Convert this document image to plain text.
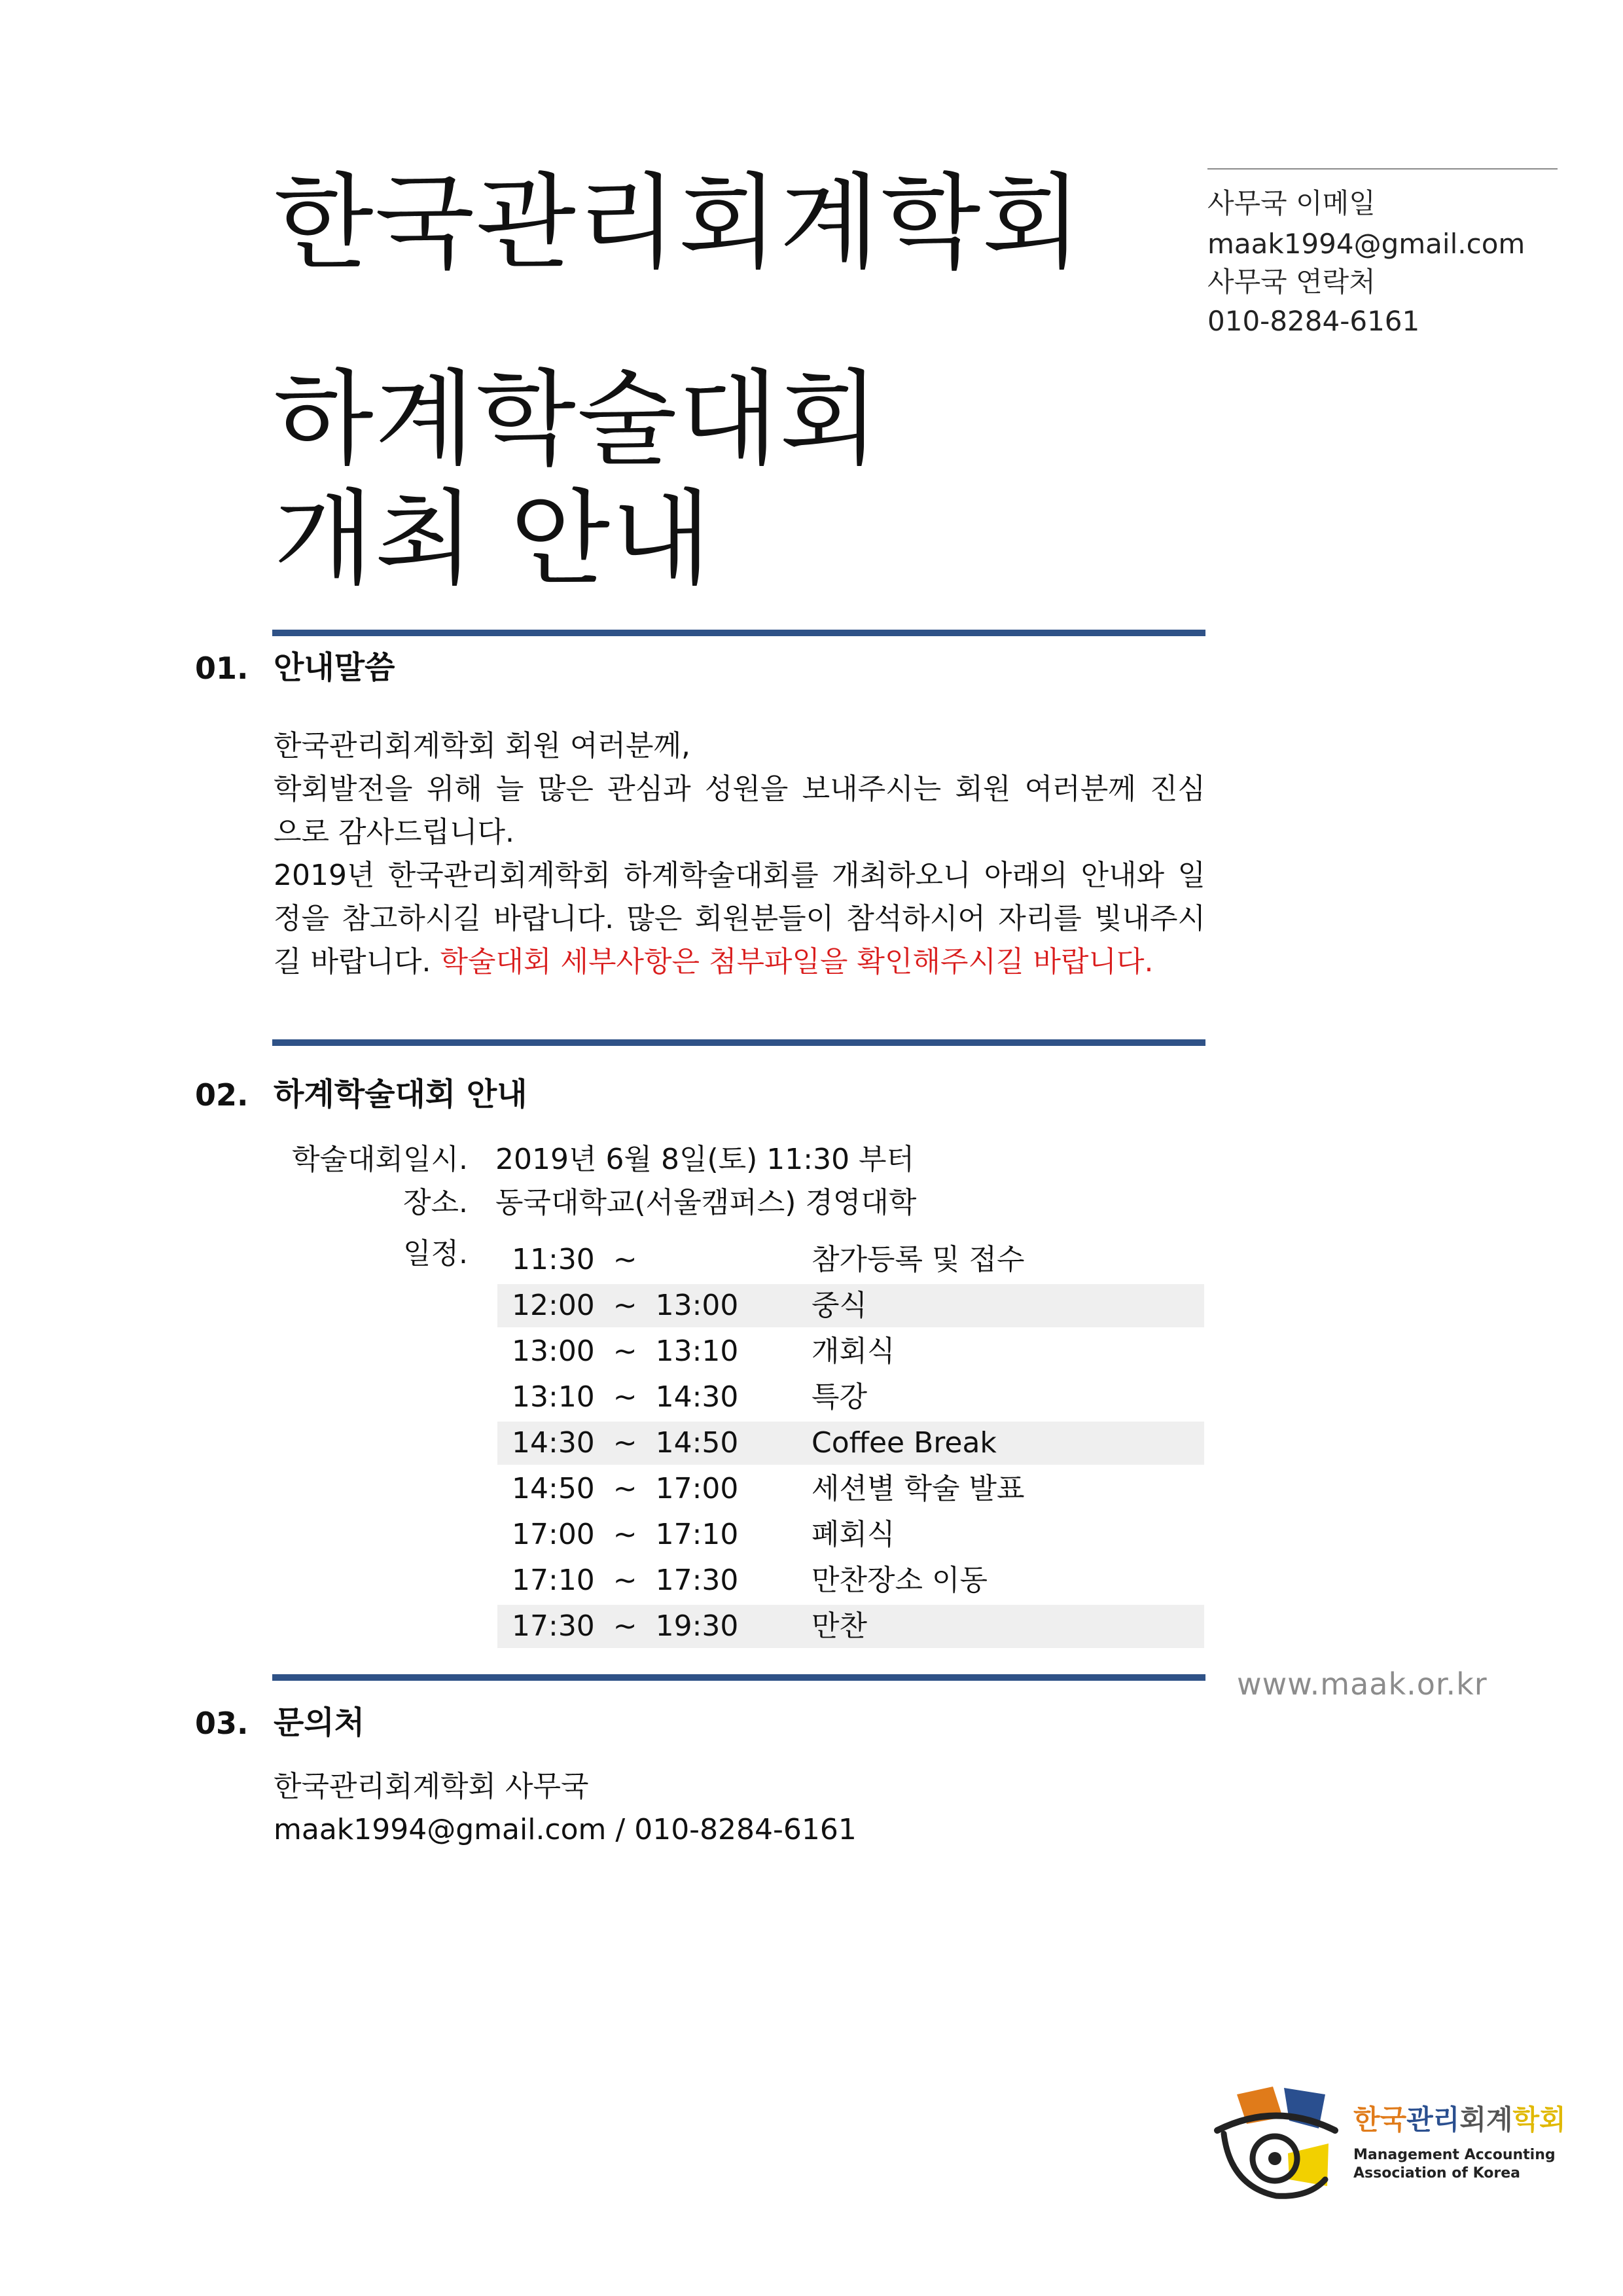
한국관리회계학회
하계학술대회
개최 안내
사무국 이메일
maak1994@gmail.com
사무국 연락처
010-8284-6161
01. 안내말씀
한국관리회계학회 회원 여러분께,
학회발전을 위해 늘 많은 관심과 성원을 보내주시는 회원 여러분께 진심
으로 감사드립니다.
2019년 한국관리회계학회 하계학술대회를 개최하오니 아래의 안내와 일
정을 참고하시길 바랍니다. 많은 회원분들이 참석하시어 자리를 빛내주시
길 바랍니다. 학술대회 세부사항은 첨부파일을 확인해주시길 바랍니다.
02. 하계학술대회 안내
학술대회일시. 2019년 6월 8일(토) 11:30 부터
장소. 동국대학교(서울캠퍼스) 경영대학
일정. 11:30  ~	참가등록 및 접수
12:00  ~  13:00	중식
13:00  ~  13:10	개회식
13:10  ~  14:30	특강
14:30  ~  14:50	Coffee Break
14:50  ~  17:00	세션별 학술 발표
17:00  ~  17:10	폐회식
17:10  ~  17:30	만찬장소 이동
17:30  ~  19:30	만찬
www.maak.or.kr
03. 문의처
한국관리회계학회 사무국
maak1994@gmail.com / 010-8284-6161
한국관리회계학회
Management Accounting
Association of Korea
